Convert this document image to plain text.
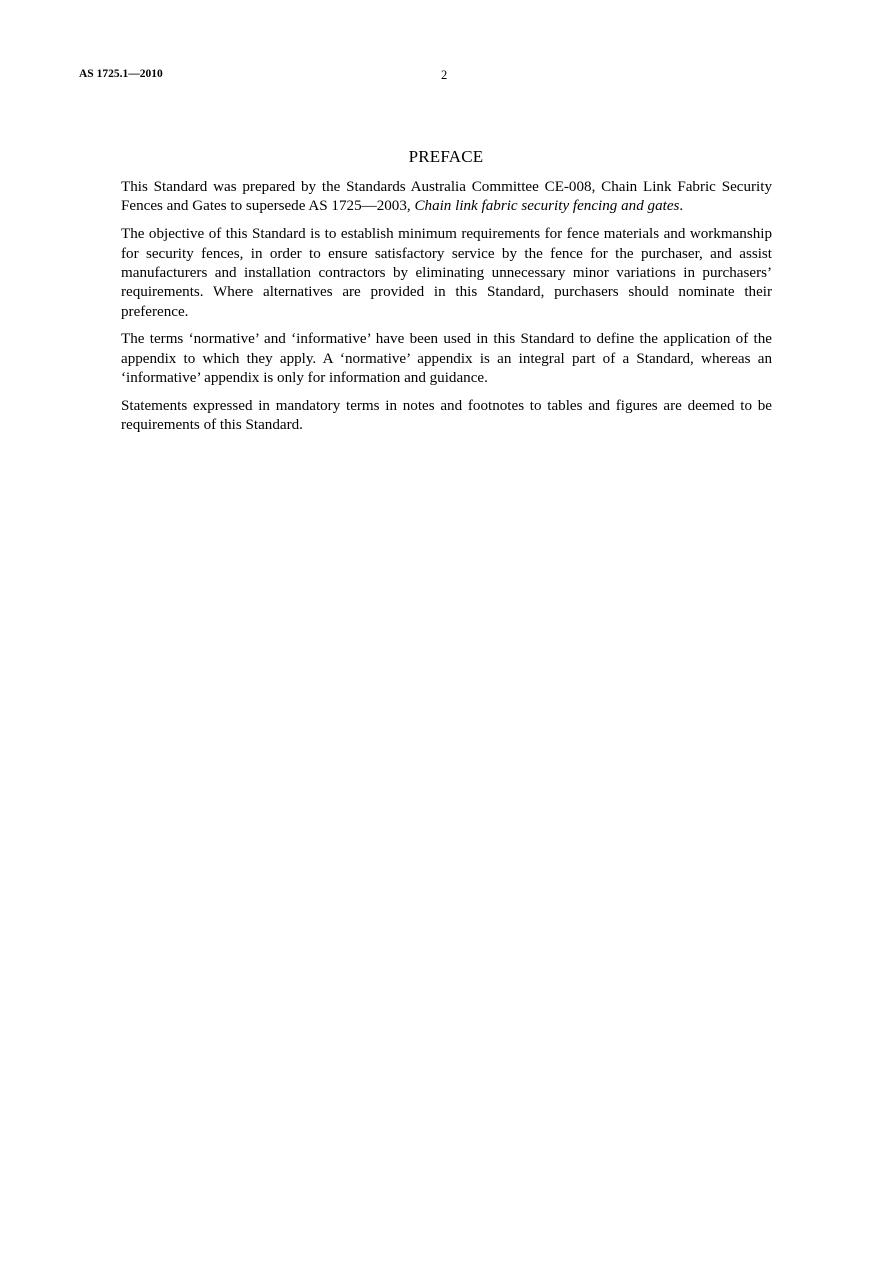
AS 1725.1—2010	2
PREFACE

This Standard was prepared by the Standards Australia Committee CE-008, Chain Link Fabric Security Fences and Gates to supersede AS 1725—2003, Chain link fabric security fencing and gates.

The objective of this Standard is to establish minimum requirements for fence materials and workmanship for security fences, in order to ensure satisfactory service by the fence for the purchaser, and assist manufacturers and installation contractors by eliminating unnecessary minor variations in purchasers’ requirements. Where alternatives are provided in this Standard, purchasers should nominate their preference.

The terms ‘normative’ and ‘informative’ have been used in this Standard to define the application of the appendix to which they apply. A ‘normative’ appendix is an integral part of a Standard, whereas an ‘informative’ appendix is only for information and guidance.

Statements expressed in mandatory terms in notes and footnotes to tables and figures are deemed to be requirements of this Standard.
